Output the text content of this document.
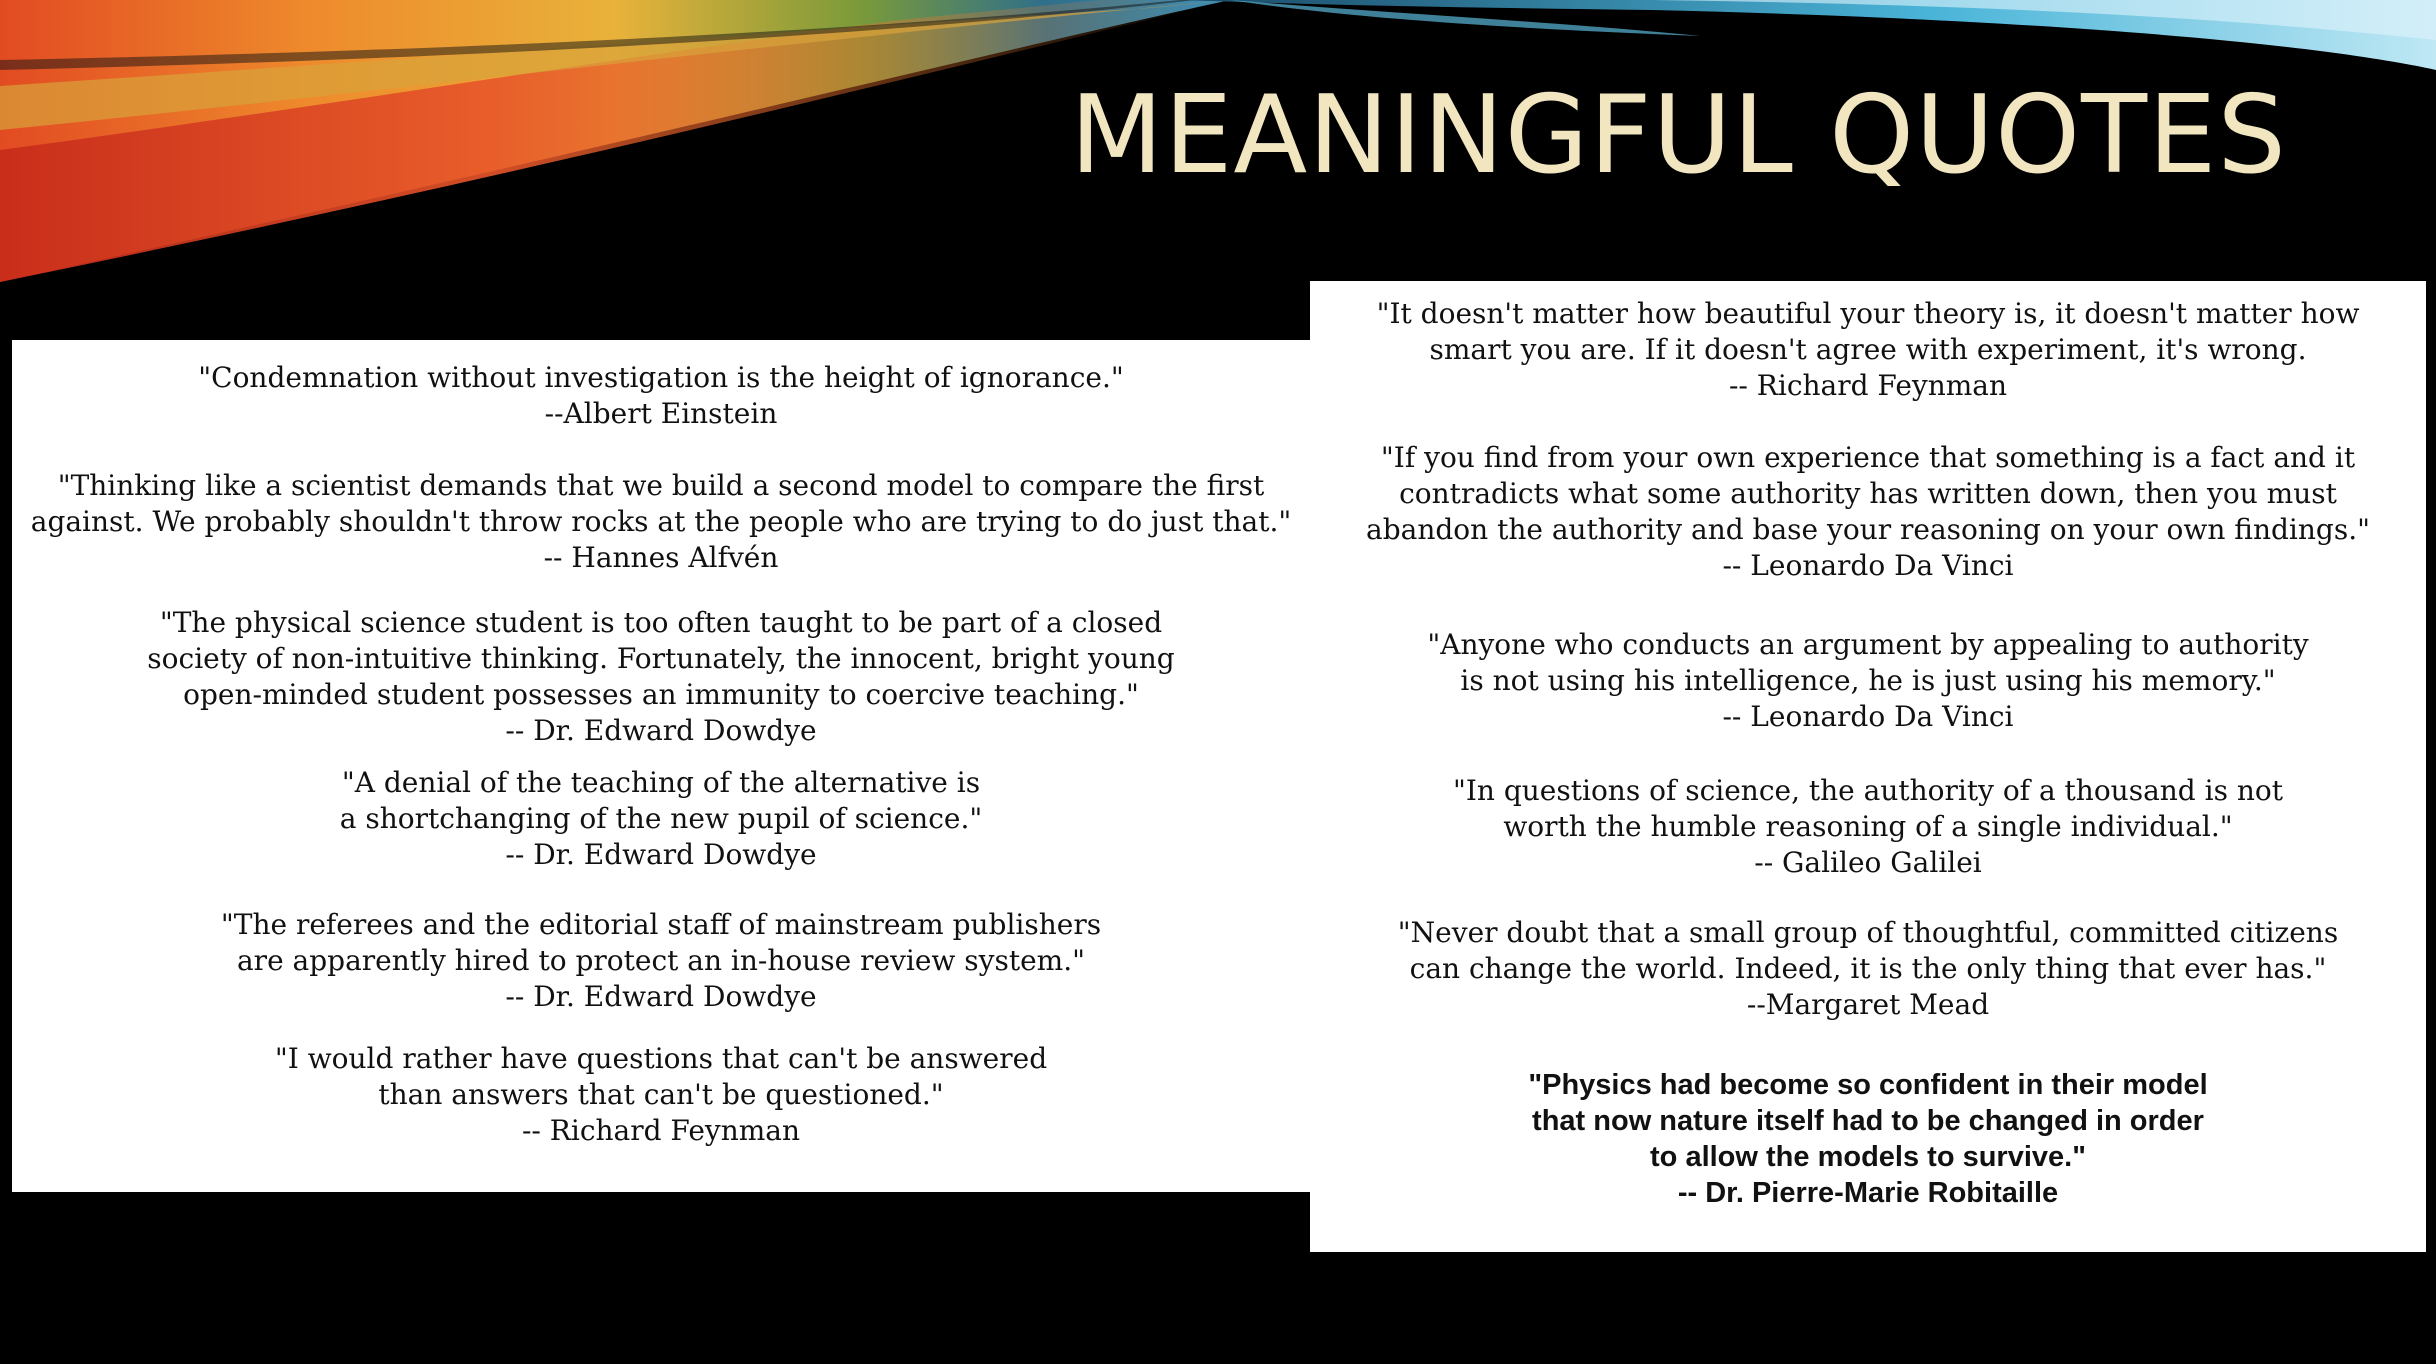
MEANINGFUL QUOTES

"Condemnation without investigation is the height of ignorance."
--Albert Einstein

"Thinking like a scientist demands that we build a second model to compare the first
against. We probably shouldn't throw rocks at the people who are trying to do just that."
-- Hannes Alfvén

"The physical science student is too often taught to be part of a closed
society of non-intuitive thinking. Fortunately, the innocent, bright young
open-minded student possesses an immunity to coercive teaching."
-- Dr. Edward Dowdye

"A denial of the teaching of the alternative is
a shortchanging of the new pupil of science."
-- Dr. Edward Dowdye

"The referees and the editorial staff of mainstream publishers
are apparently hired to protect an in-house review system."
-- Dr. Edward Dowdye

"I would rather have questions that can't be answered
than answers that can't be questioned."
-- Richard Feynman

"It doesn't matter how beautiful your theory is, it doesn't matter how
smart you are. If it doesn't agree with experiment, it's wrong.
-- Richard Feynman

"If you find from your own experience that something is a fact and it
contradicts what some authority has written down, then you must
abandon the authority and base your reasoning on your own findings."
-- Leonardo Da Vinci

"Anyone who conducts an argument by appealing to authority
is not using his intelligence, he is just using his memory."
-- Leonardo Da Vinci

"In questions of science, the authority of a thousand is not
worth the humble reasoning of a single individual."
-- Galileo Galilei

"Never doubt that a small group of thoughtful, committed citizens
can change the world. Indeed, it is the only thing that ever has."
--Margaret Mead

"Physics had become so confident in their model
that now nature itself had to be changed in order
to allow the models to survive."
-- Dr. Pierre-Marie Robitaille
